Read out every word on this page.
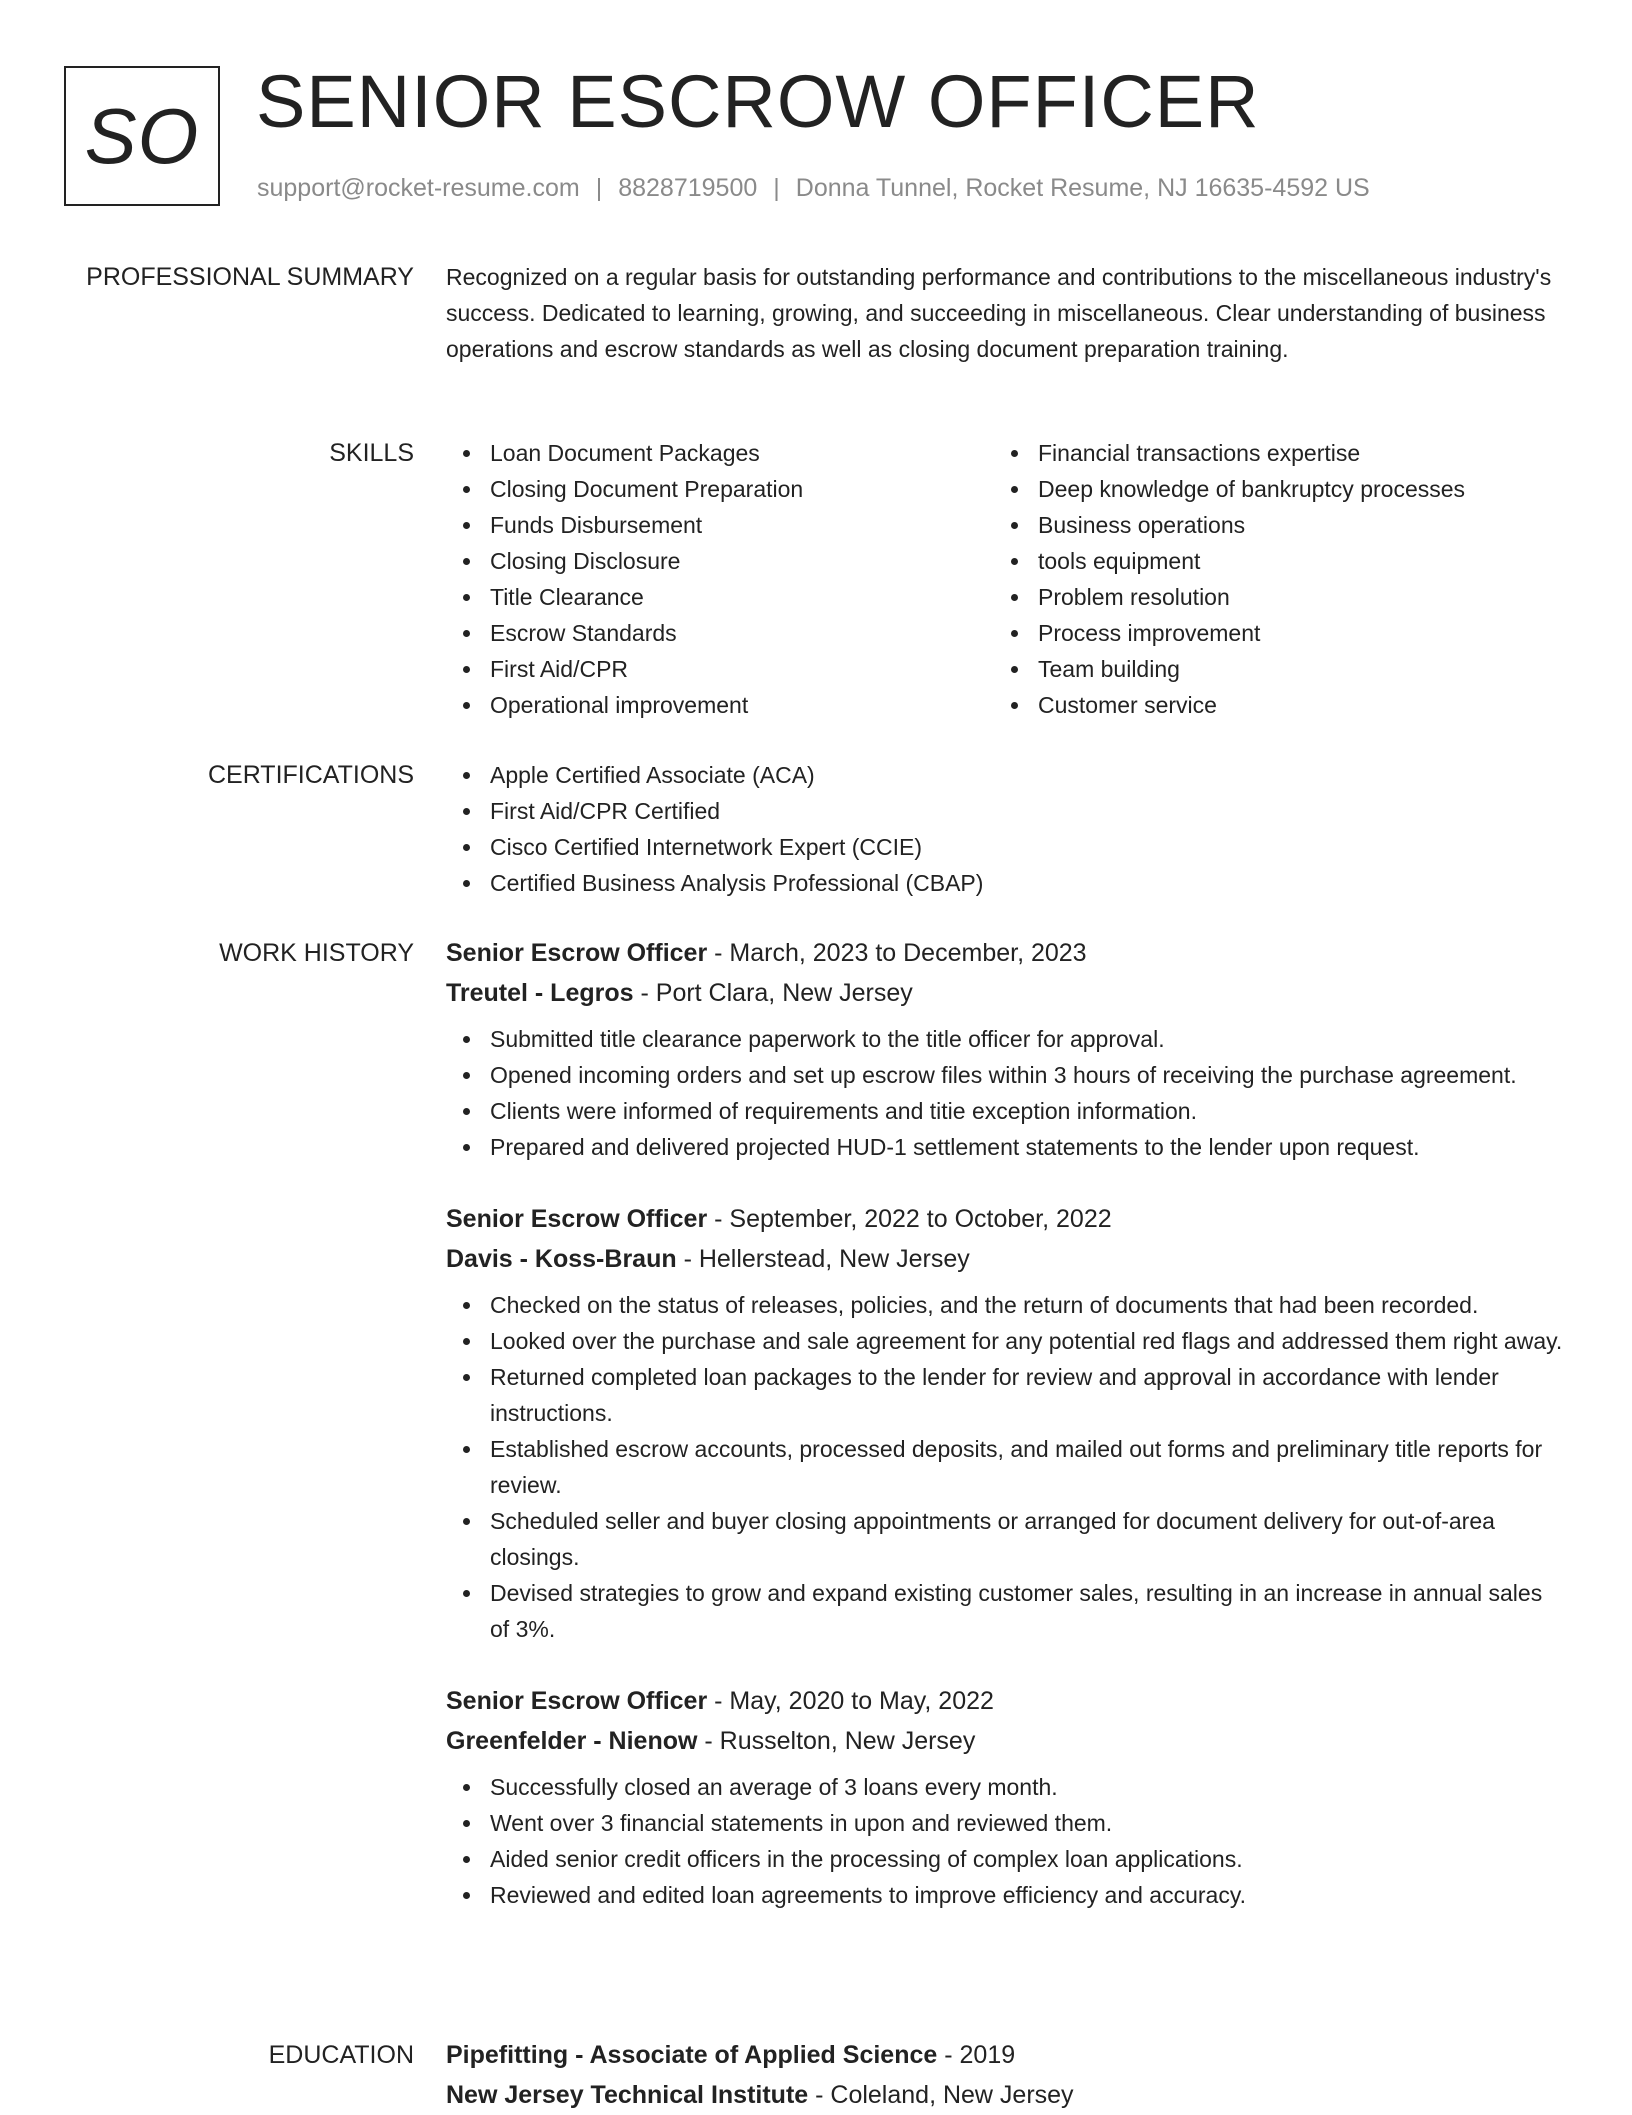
SO SENIOR ESCROW OFFICER
support@rocket-resume.com | 8828719500 | Donna Tunnel, Rocket Resume, NJ 16635-4592 US
PROFESSIONAL SUMMARY Recognized on a regular basis for outstanding performance and contributions to the miscellaneous industry's success. Dedicated to learning, growing, and succeeding in miscellaneous. Clear understanding of business operations and escrow standards as well as closing document preparation training.

SKILLS	Loan Document Packages
Closing Document Preparation
Funds Disbursement
Closing Disclosure
Title Clearance
Escrow Standards
First Aid/CPR
Operational improvement
Financial transactions expertise
Deep knowledge of bankruptcy processes
Business operations
tools equipment
Problem resolution
Process improvement
Team building
Customer service
CERTIFICATIONS	Apple Certified Associate (ACA)
First Aid/CPR Certified
Cisco Certified Internetwork Expert (CCIE)
Certified Business Analysis Professional (CBAP)
WORK HISTORY Senior Escrow Officer - March, 2023 to December, 2023
Treutel - Legros - Port Clara, New Jersey
Submitted title clearance paperwork to the title officer for approval.
Opened incoming orders and set up escrow files within 3 hours of receiving the purchase agreement.
Clients were informed of requirements and titie exception information.
Prepared and delivered projected HUD-1 settlement statements to the lender upon request.
Senior Escrow Officer - September, 2022 to October, 2022
Davis - Koss-Braun - Hellerstead, New Jersey
Checked on the status of releases, policies, and the return of documents that had been recorded.
Looked over the purchase and sale agreement for any potential red flags and addressed them right away.
Returned completed loan packages to the lender for review and approval in accordance with lender instructions.
Established escrow accounts, processed deposits, and mailed out forms and preliminary title reports for review.
Scheduled seller and buyer closing appointments or arranged for document delivery for out-of-area closings.
Devised strategies to grow and expand existing customer sales, resulting in an increase in annual sales of 3%.
Senior Escrow Officer - May, 2020 to May, 2022
Greenfelder - Nienow - Russelton, New Jersey
Successfully closed an average of 3 loans every month.
Went over 3 financial statements in upon and reviewed them.
Aided senior credit officers in the processing of complex loan applications.
Reviewed and edited loan agreements to improve efficiency and accuracy.
EDUCATION Pipefitting - Associate of Applied Science - 2019
New Jersey Technical Institute - Coleland, New Jersey
